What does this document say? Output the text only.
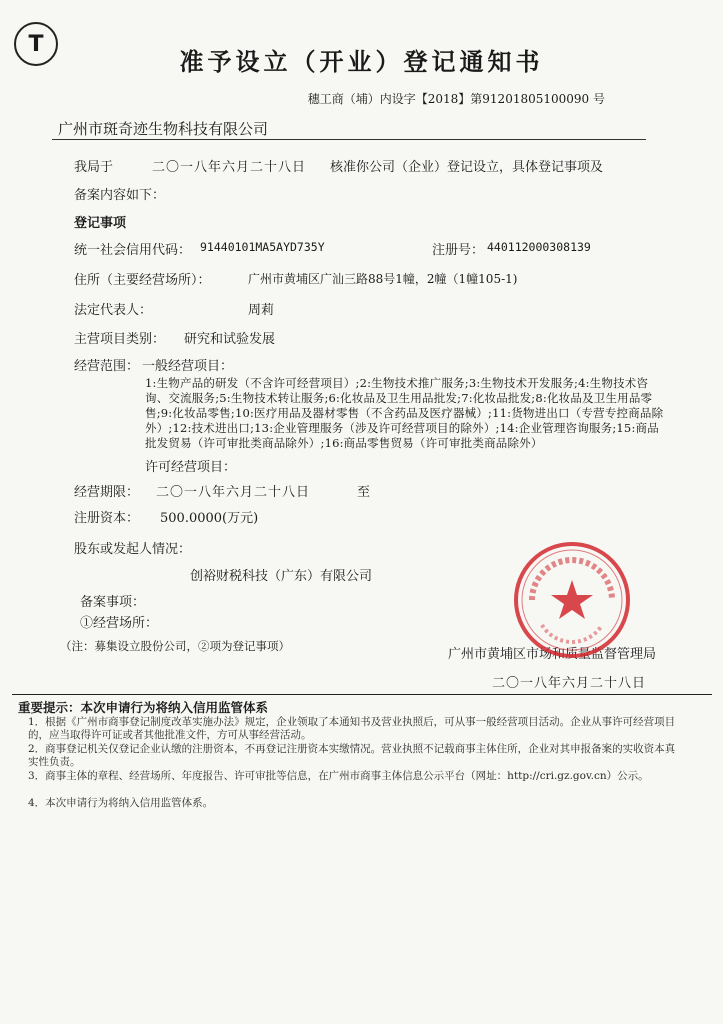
T
准予设立（开业）登记通知书
穗工商（埔）内设字【2018】第91201805100090 号
广州市斑奇迹生物科技有限公司
我局于	二〇一八年六月二十八日 核准你公司（企业）登记设立，具体登记事项及
备案内容如下：
登记事项
统一社会信用代码： 91440101MA5AYD735Y	注册号： 440112000308139
住所（主要经营场所）：	广州市黄埔区广汕三路88号1幢，2幢（1幢105-1)
法定代表人：	周莉
主营项目类别： 研究和试验发展
经营范围： 一般经营项目：
1:生物产品的研发（不含许可经营项目）;2:生物技术推广服务;3:生物技术开发服务;4:生物技术咨询、交流服务;5:生物技术转让服务;6:化妆品及卫生用品批发;7:化妆品批发;8:化妆品及卫生用品零售;9:化妆品零售;10:医疗用品及器材零售（不含药品及医疗器械）;11:货物进出口（专营专控商品除外）;12:技术进出口;13:企业管理服务（涉及许可经营项目的除外）;14:企业管理咨询服务;15:商品批发贸易（许可审批类商品除外）;16:商品零售贸易（许可审批类商品除外）
许可经营项目：
经营期限： 二〇一八年六月二十八日	至
注册资本： 500.0000(万元)
股东或发起人情况：
创裕财税科技（广东）有限公司
备案事项：
①经营场所：
（注：募集设立股份公司，②项为登记事项）
广州市黄埔区市场和质量监督管理局
二〇一八年六月二十八日
重要提示：本次申请行为将纳入信用监管体系
1．根据《广州市商事登记制度改革实施办法》规定，企业领取了本通知书及营业执照后，可从事一般经营项目活动。企业从事许可经营项目的，应当取得许可证或者其他批准文件，方可从事经营活动。
2．商事登记机关仅登记企业认缴的注册资本，不再登记注册资本实缴情况。营业执照不记载商事主体住所，企业对其申报备案的实收资本真实性负责。
3．商事主体的章程、经营场所、年度报告、许可审批等信息，在广州市商事主体信息公示平台（网址：http://cri.gz.gov.cn）公示。
4．本次申请行为将纳入信用监管体系。
